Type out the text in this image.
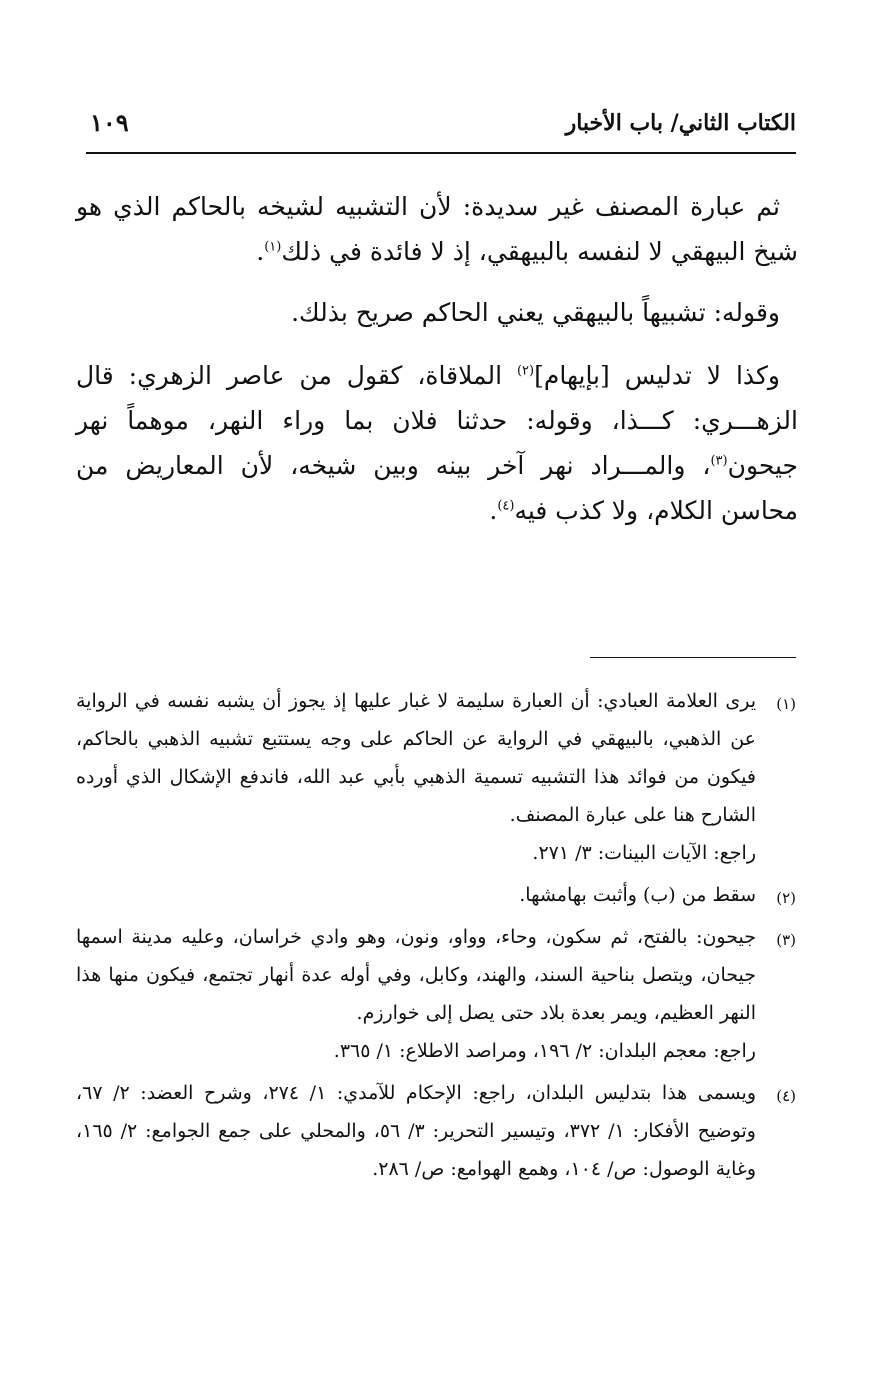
الكتاب الثاني/ باب الأخبار
١٠٩

ثم عبارة المصنف غير سديدة: لأن التشبيه لشيخه بالحاكم الذي هو شيخ البيهقي لا لنفسه بالبيهقي، إذ لا فائدة في ذلك$^{(١)}$.

وقوله: تشبيهاً بالبيهقي يعني الحاكم صريح بذلك.

وكذا لا تدليس [بإيهام]$^{(٢)}$ الملاقاة، كقول من عاصر الزهري: قال الزهـــري: كـــذا، وقوله: حدثنا فلان بما وراء النهر، موهماً نهر جيحون$^{(٣)}$، والمـــراد نهر آخر بينه وبين شيخه، لأن المعاريض من محاسن الكلام، ولا كذب فيه$^{(٤)}$.

(١)
يرى العلامة العبادي: أن العبارة سليمة لا غبار عليها إذ يجوز أن يشبه نفسه في الرواية عن الذهبي، بالبيهقي في الرواية عن الحاكم على وجه يستتبع تشبيه الذهبي بالحاكم، فيكون من فوائد هذا التشبيه تسمية الذهبي بأبي عبد الله، فاندفع الإشكال الذي أورده الشارح هنا على عبارة المصنف.
راجع: الآيات البينات: ٣/ ٢٧١.
(٢)
سقط من (ب) وأثبت بهامشها.
(٣)
جيحون: بالفتح، ثم سكون، وحاء، وواو، ونون، وهو وادي خراسان، وعليه مدينة اسمها جيحان، ويتصل بناحية السند، والهند، وكابل، وفي أوله عدة أنهار تجتمع، فيكون منها هذا النهر العظيم، ويمر بعدة بلاد حتى يصل إلى خوارزم.
راجع: معجم البلدان: ٢/ ١٩٦، ومراصد الاطلاع: ١/ ٣٦٥.
(٤)
ويسمى هذا بتدليس البلدان، راجع: الإحكام للآمدي: ١/ ٢٧٤، وشرح العضد: ٢/ ٦٧، وتوضيح الأفكار: ١/ ٣٧٢، وتيسير التحرير: ٣/ ٥٦، والمحلي على جمع الجوامع: ٢/ ١٦٥، وغاية الوصول: ص/ ١٠٤، وهمع الهوامع: ص/ ٢٨٦.
